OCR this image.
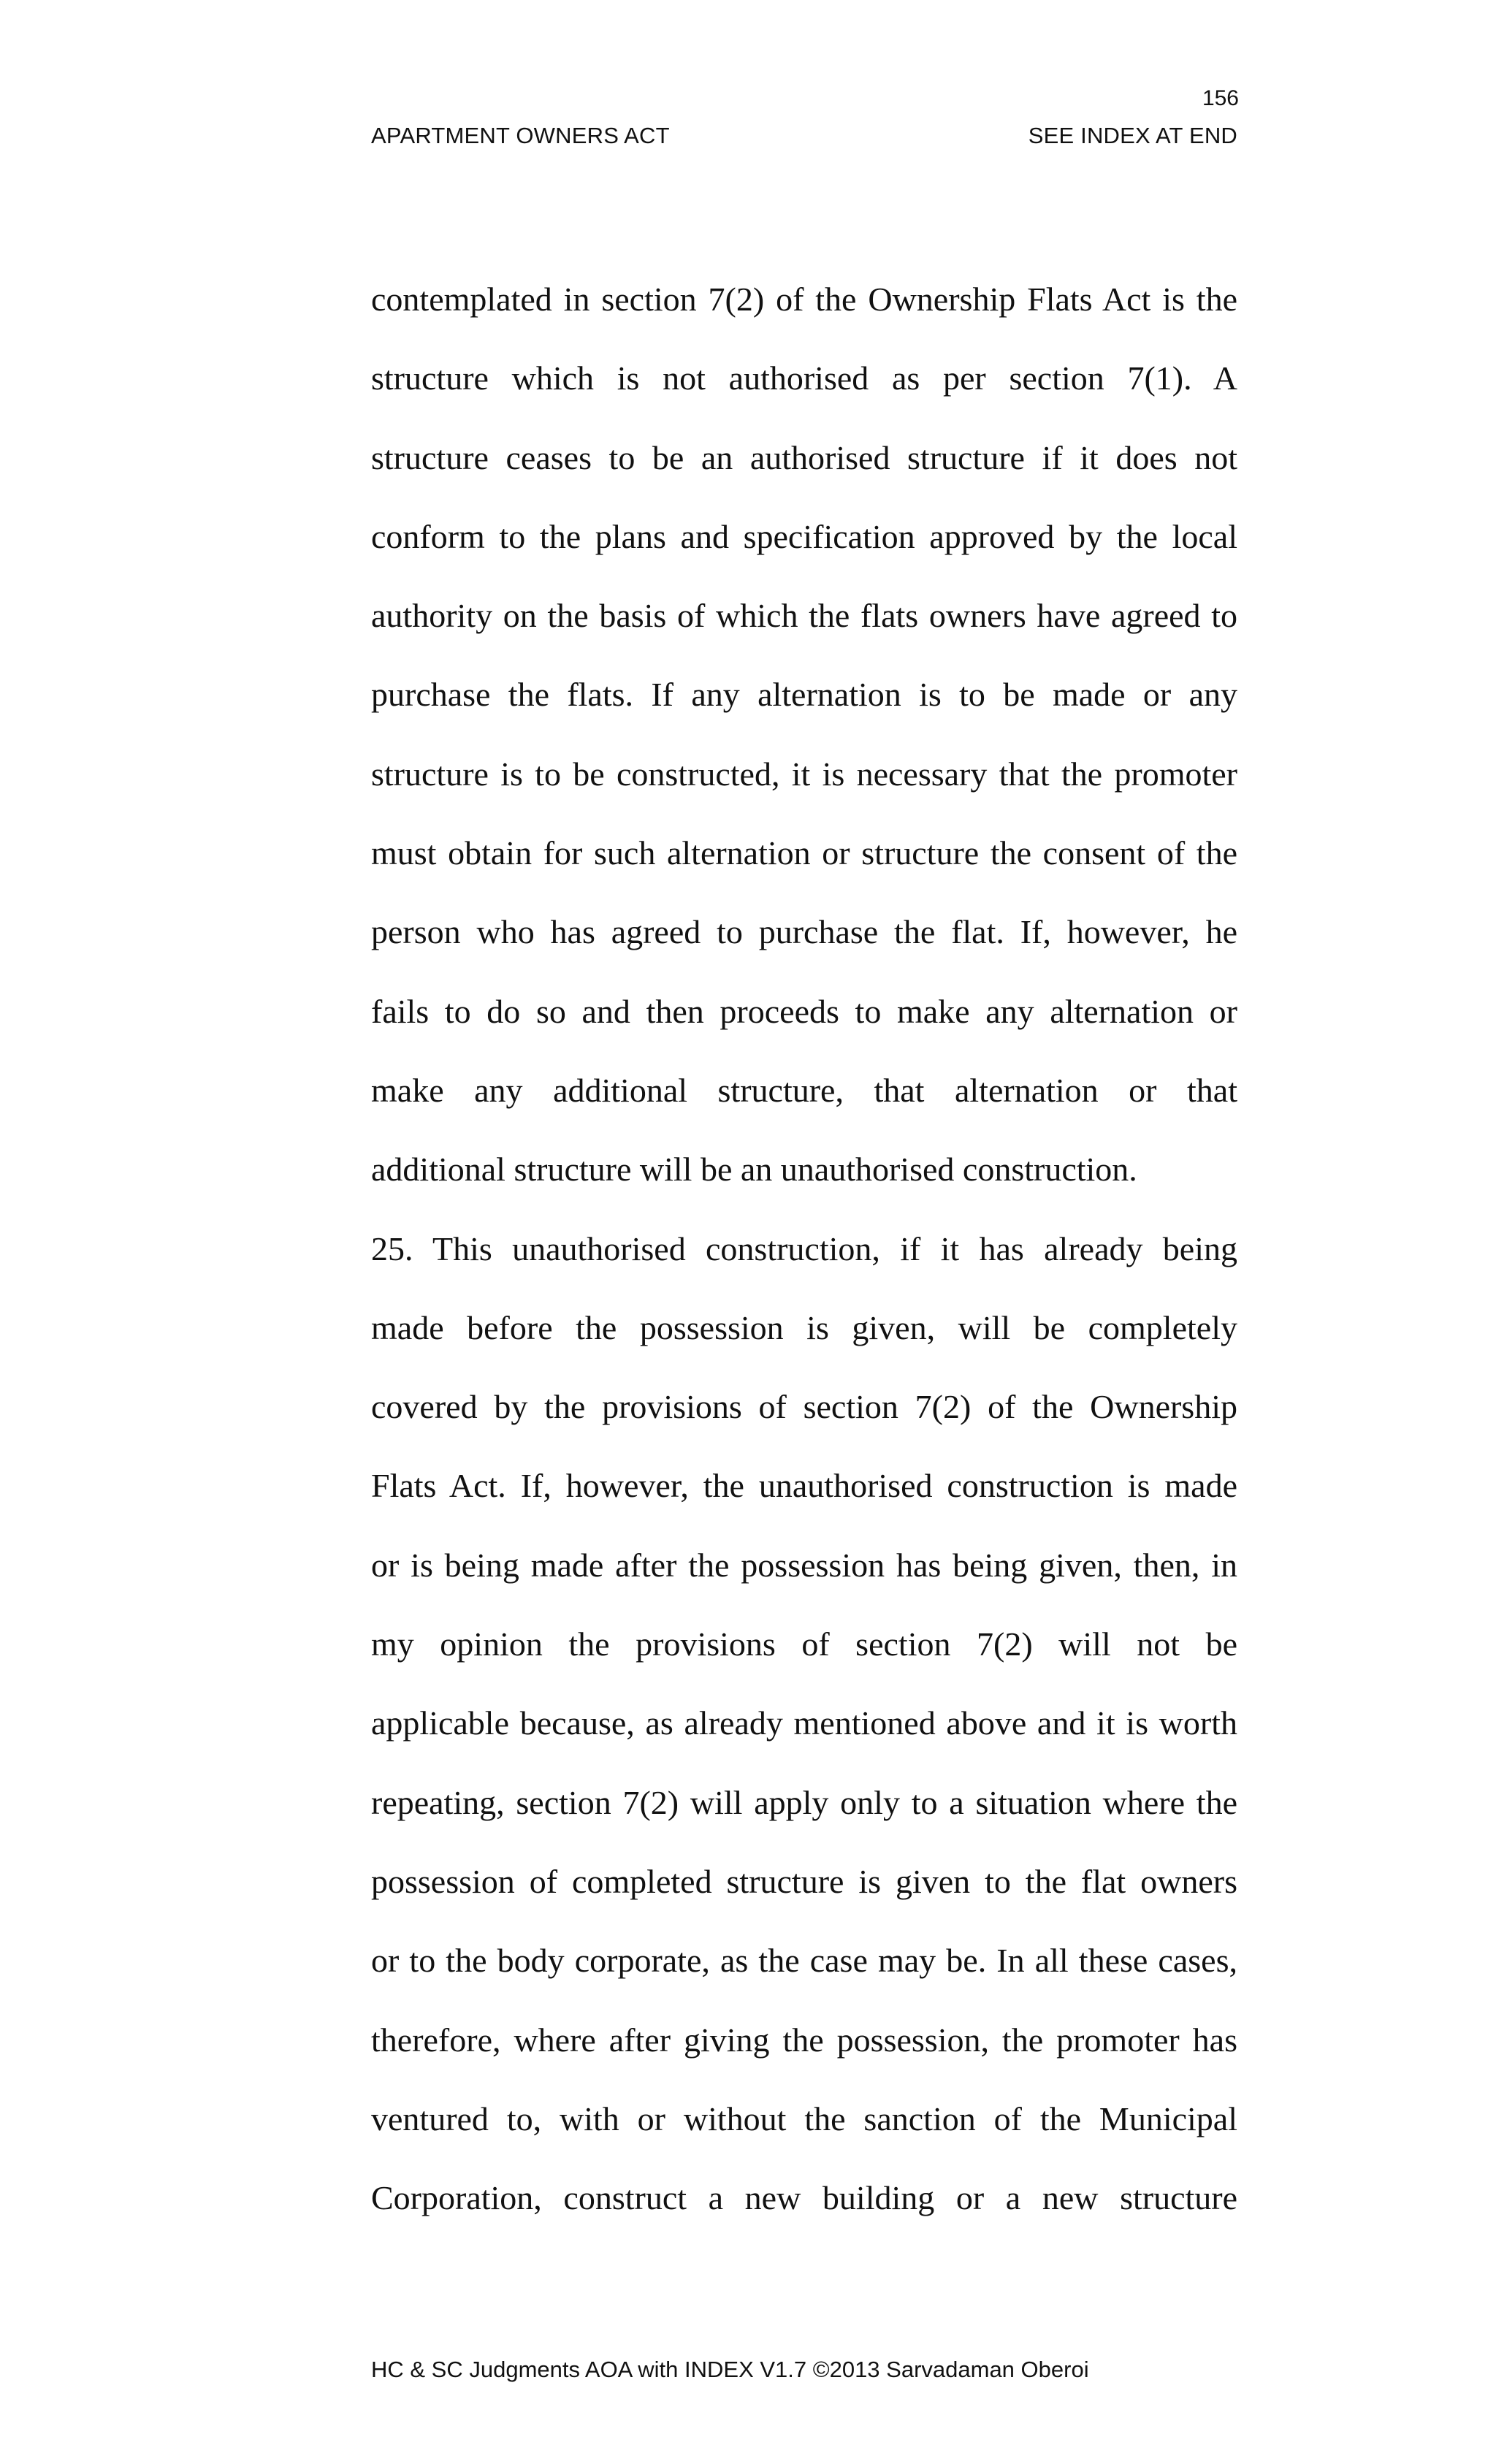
156
APARTMENT OWNERS ACT	SEE INDEX AT END

contemplated in section 7(2) of the Ownership Flats Act is the

structure which is not authorised as per section 7(1). A

structure ceases to be an authorised structure if it does not

conform to the plans and specification approved by the local

authority on the basis of which the flats owners have agreed to

purchase the flats. If any alternation is to be made or any

structure is to be constructed, it is necessary that the promoter

must obtain for such alternation or structure the consent of the

person who has agreed to purchase the flat. If, however, he

fails to do so and then proceeds to make any alternation or

make any additional structure, that alternation or that

additional structure will be an unauthorised construction.

25. This unauthorised construction, if it has already being

made before the possession is given, will be completely

covered by the provisions of section 7(2) of the Ownership

Flats Act. If, however, the unauthorised construction is made

or is being made after the possession has being given, then, in

my opinion the provisions of section 7(2) will not be

applicable because, as already mentioned above and it is worth

repeating, section 7(2) will apply only to a situation where the

possession of completed structure is given to the flat owners

or to the body corporate, as the case may be. In all these cases,

therefore, where after giving the possession, the promoter has

ventured to, with or without the sanction of the Municipal

Corporation, construct a new building or a new structure

HC & SC Judgments AOA with INDEX V1.7 ©2013 Sarvadaman Oberoi
